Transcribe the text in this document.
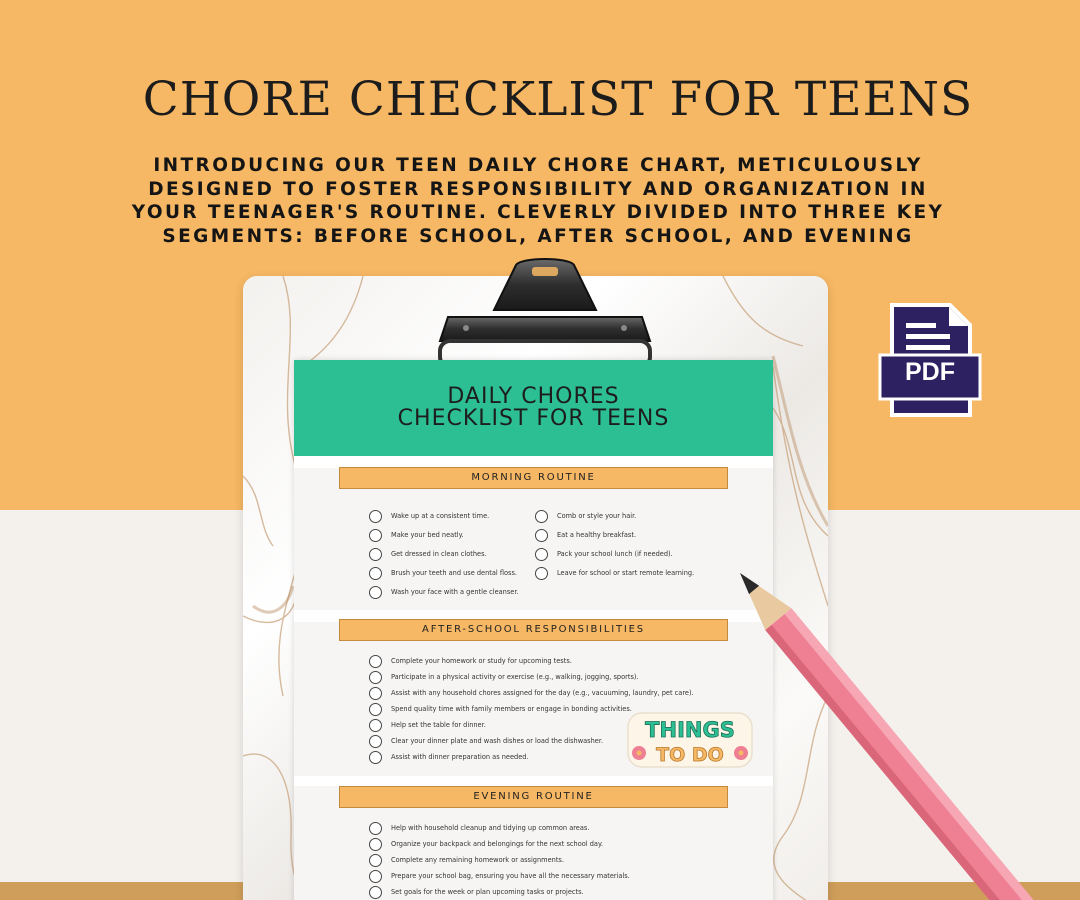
CHORE CHECKLIST FOR TEENS
INTRODUCING OUR TEEN DAILY CHORE CHART, METICULOUSLY
DESIGNED TO FOSTER RESPONSIBILITY AND ORGANIZATION IN
YOUR TEENAGER'S ROUTINE. CLEVERLY DIVIDED INTO THREE KEY
SEGMENTS: BEFORE SCHOOL, AFTER SCHOOL, AND EVENING
DAILY CHORES
CHECKLIST FOR TEENS
MORNING ROUTINE
Wake up at a consistent time.
Make your bed neatly.
Get dressed in clean clothes.
Brush your teeth and use dental floss.
Wash your face with a gentle cleanser.
Comb or style your hair.
Eat a healthy breakfast.
Pack your school lunch (if needed).
Leave for school or start remote learning.
AFTER-SCHOOL RESPONSIBILITIES
Complete your homework or study for upcoming tests.
Participate in a physical activity or exercise (e.g., walking, jogging, sports).
Assist with any household chores assigned for the day (e.g., vacuuming, laundry, pet care).
Spend quality time with family members or engage in bonding activities.
Help set the table for dinner.
Clear your dinner plate and wash dishes or load the dishwasher.
Assist with dinner preparation as needed.
EVENING ROUTINE
Help with household cleanup and tidying up common areas.
Organize your backpack and belongings for the next school day.
Complete any remaining homework or assignments.
Prepare your school bag, ensuring you have all the necessary materials.
Set goals for the week or plan upcoming tasks or projects.
THINGS
TO DO
PDF
